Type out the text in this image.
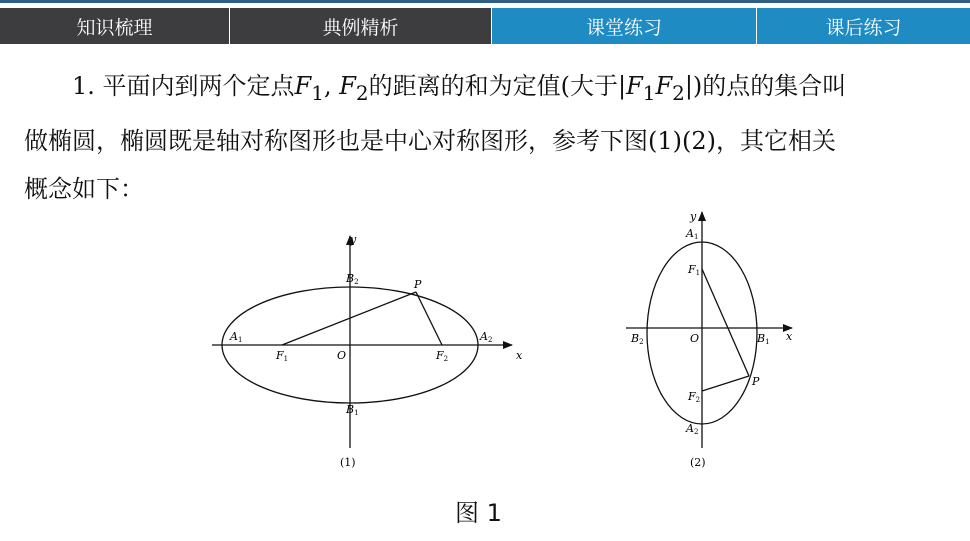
知识梳理	典例精析	课堂练习	课后练习

1. 平面内到两个定点$F_1$, $F_2$的距离的和为定值(大于$|F_1F_2|$)的点的集合叫

做椭圆，椭圆既是轴对称图形也是中心对称图形，参考下图(1)(2)，其它相关

概念如下：

y
x
O
P
A1	A2
B2
B1
F1	F2
(1)
y
x
O
P
A1
A2
B2	B1
F1
F2
(2)
图 1
